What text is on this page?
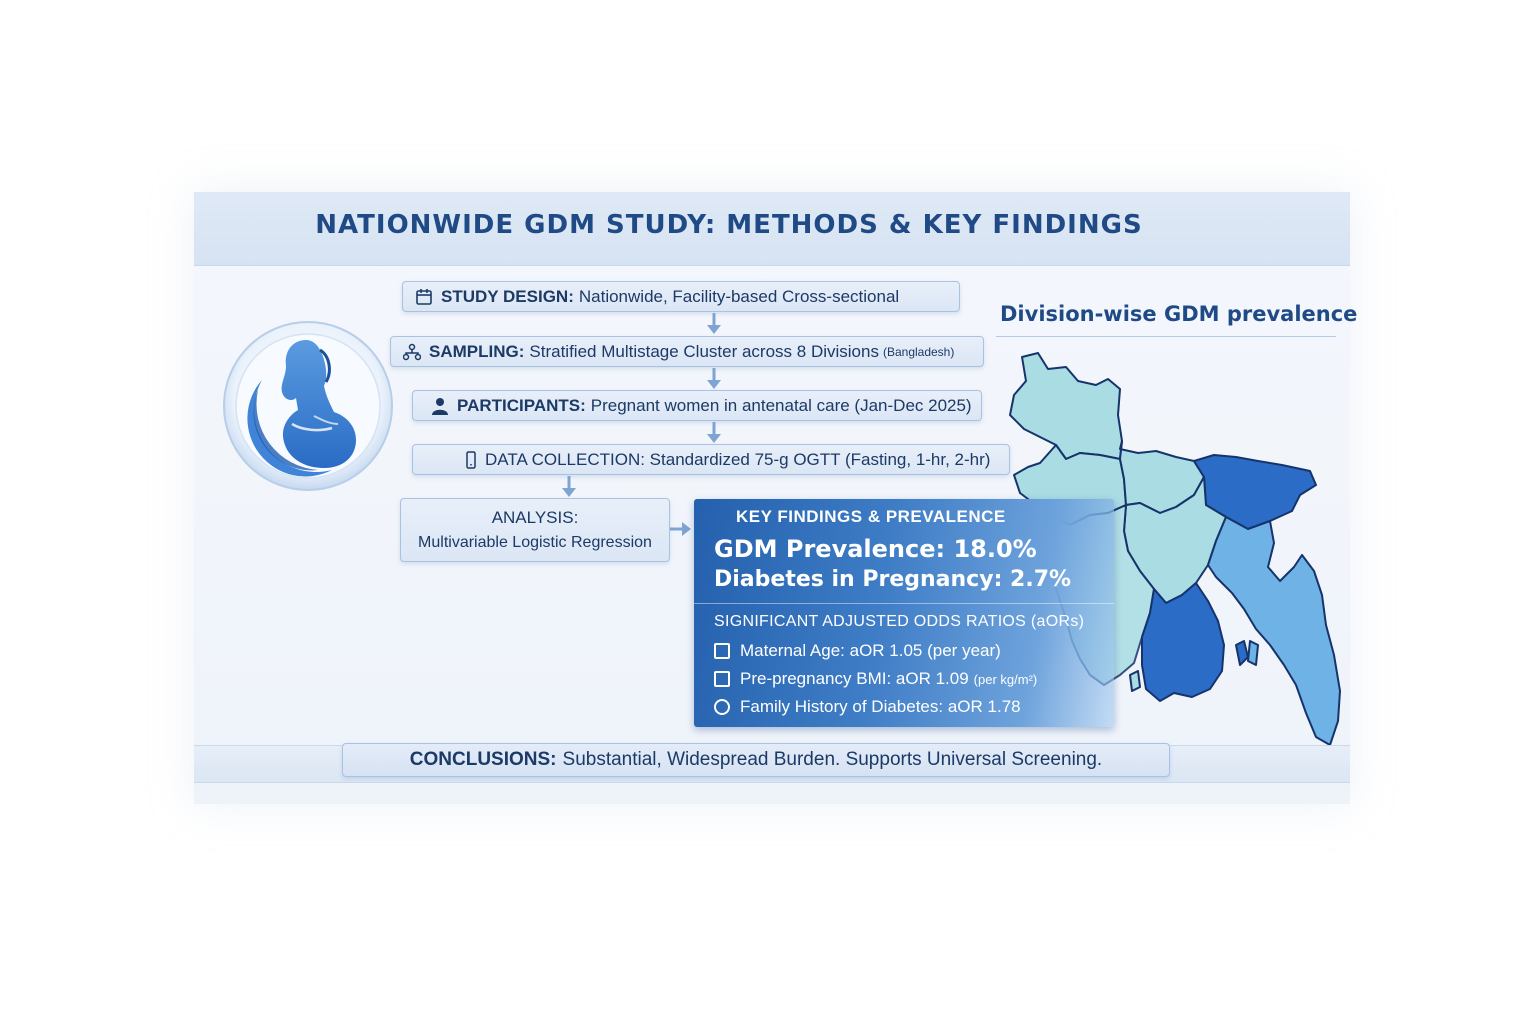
NATIONWIDE GDM STUDY: METHODS & KEY FINDINGS
STUDY DESIGN: Nationwide, Facility-based Cross-sectional
SAMPLING: Stratified Multistage Cluster across 8 Divisions (Bangladesh)
PARTICIPANTS: Pregnant women in antenatal care (Jan-Dec 2025)
DATA COLLECTION: Standardized 75-g OGTT (Fasting, 1-hr, 2-hr)
ANALYSIS:
Multivariable Logistic Regression
Division-wise GDM prevalence
KEY FINDINGS & PREVALENCE
GDM Prevalence: 18.0%
Diabetes in Pregnancy: 2.7%
SIGNIFICANT ADJUSTED ODDS RATIOS (aORs)
Maternal Age: aOR 1.05 (per year)
Pre-pregnancy BMI: aOR 1.09 (per kg/m²)
Family History of Diabetes: aOR 1.78
CONCLUSIONS: Substantial, Widespread Burden. Supports Universal Screening.
